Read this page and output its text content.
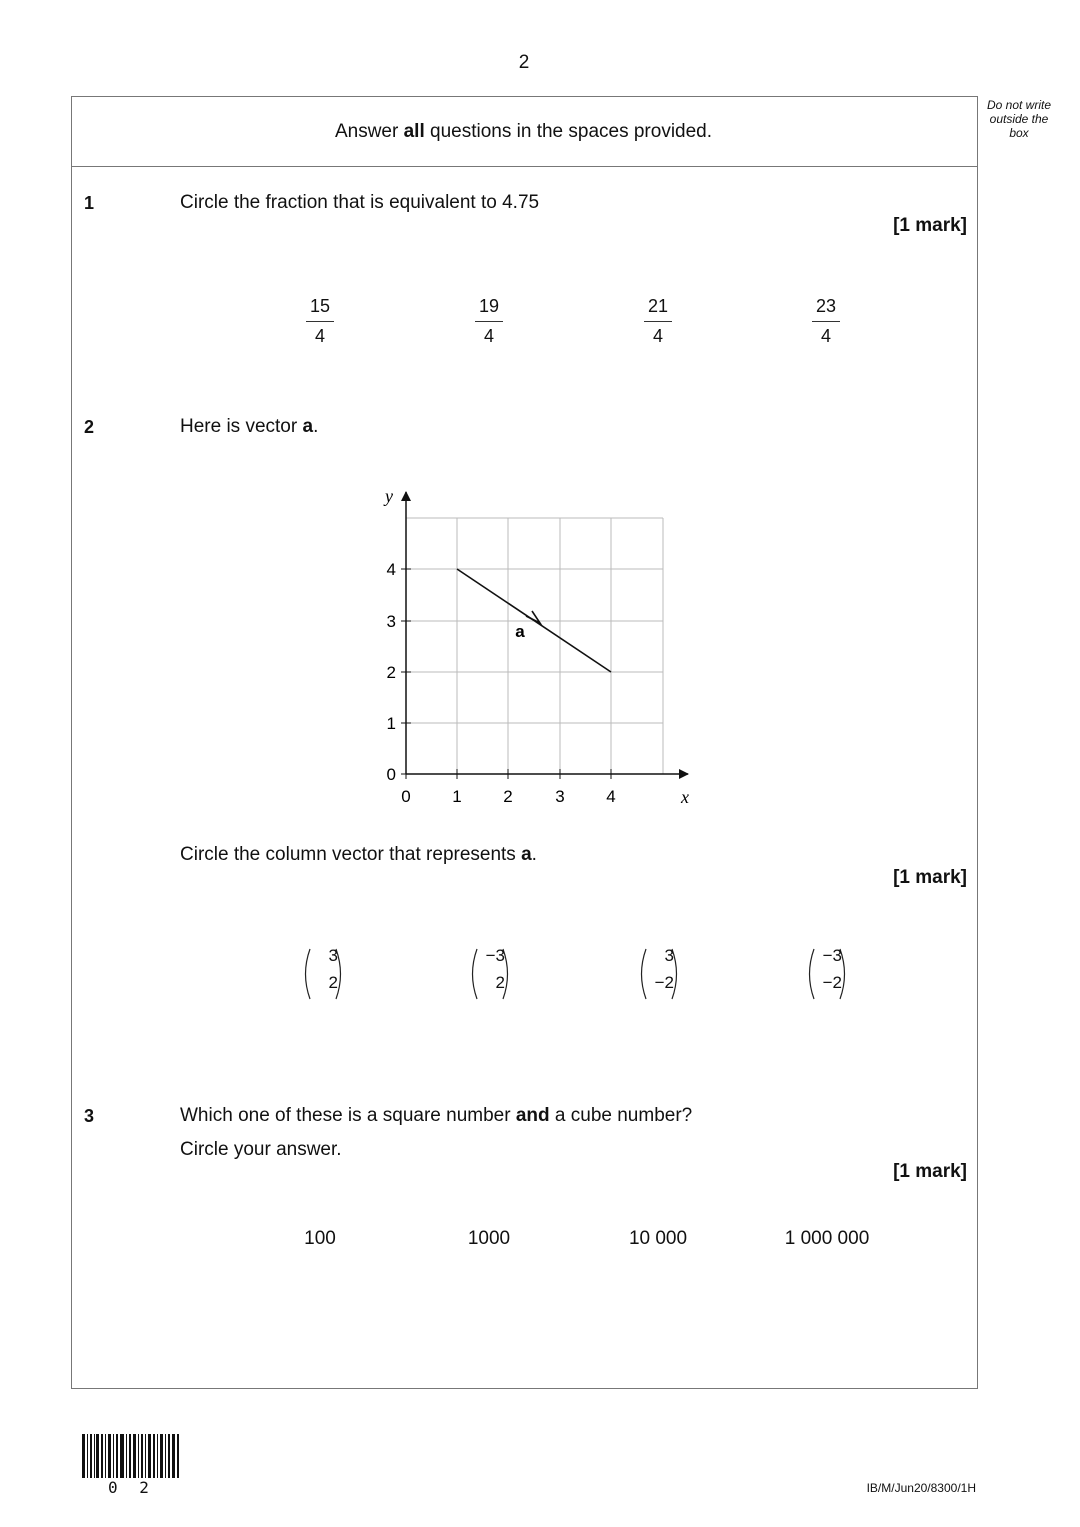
2
Do not write outside the box
Answer all questions in the spaces provided.
1	Circle the fraction that is equivalent to 4.75
[1 mark]
$\frac{15}{4}$	$\frac{19}{4}$	$\frac{21}{4}$	$\frac{23}{4}$
2	Here is vector a.
0 1 2	3 4
0
1
2
3
4
x
y
a
Circle the column vector that represents a.
[1 mark]
3
2
−3
2
3
−2
−3
−2
3	Which one of these is a square number and a cube number?
Circle your answer.
[1 mark]
100	1000	10 000	1 000 000
0 2	IB/M/Jun20/8300/1H
